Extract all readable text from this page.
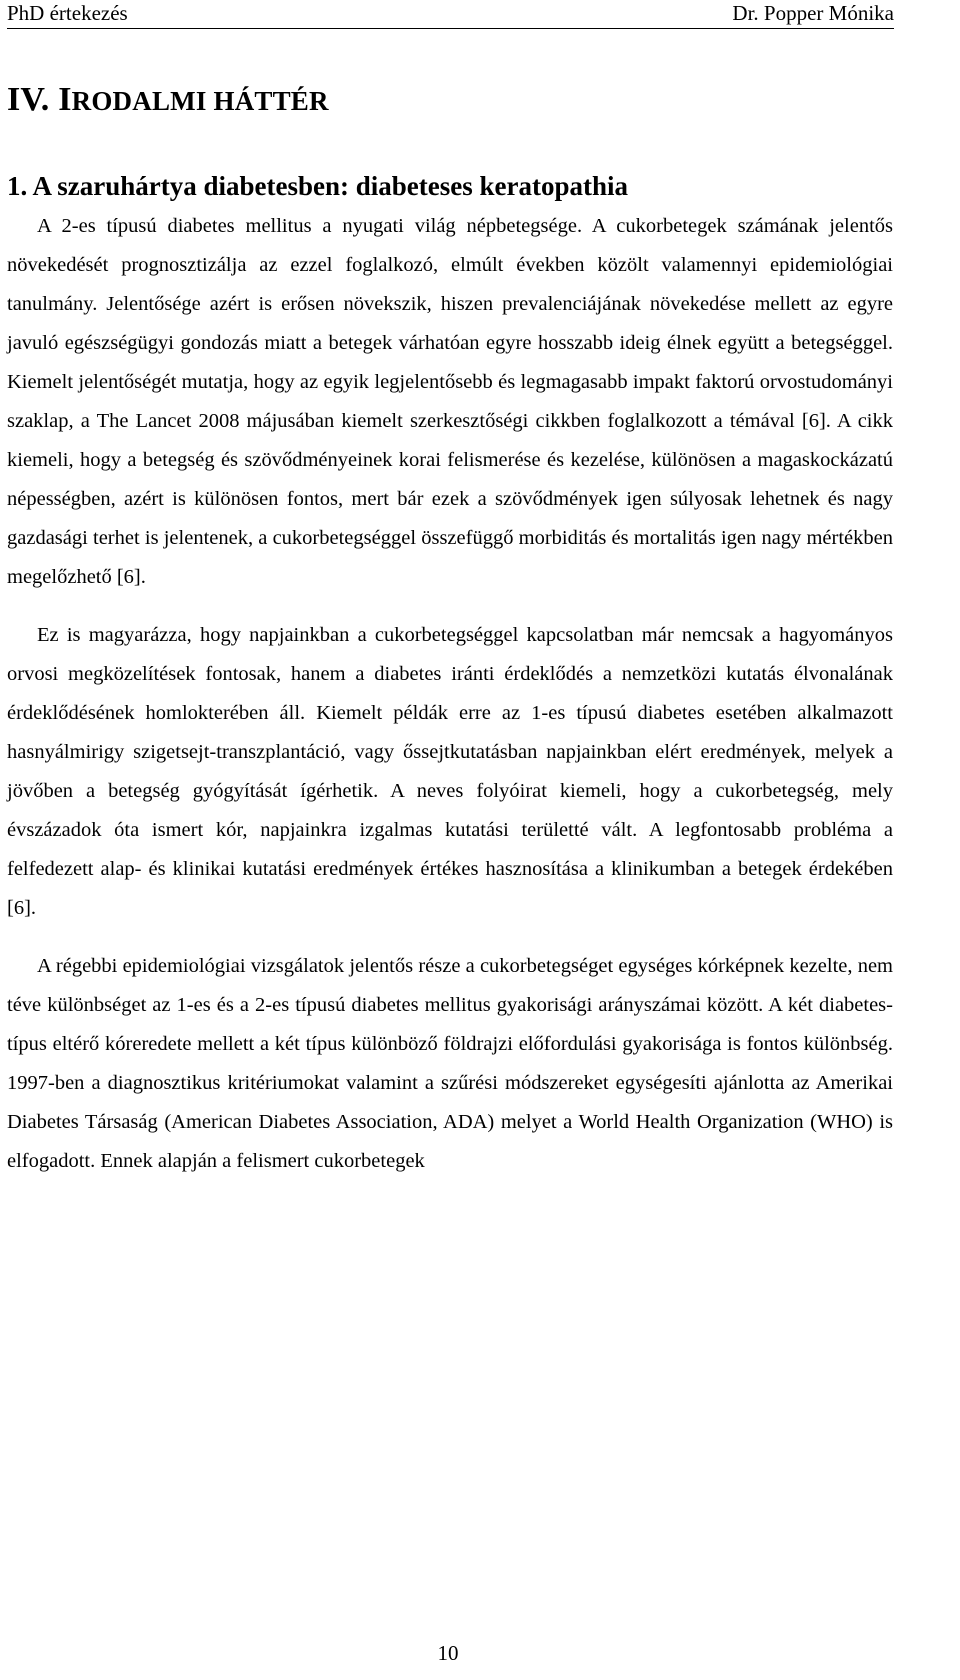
PhD értekezés	Dr. Popper Mónika
IV. IRODALMI HÁTTÉR
1. A szaruhártya diabetesben: diabeteses keratopathia

A 2-es típusú diabetes mellitus a nyugati világ népbetegsége. A cukorbetegek számának jelentős növekedését prognosztizálja az ezzel foglalkozó, elmúlt években közölt valamennyi epidemiológiai tanulmány. Jelentősége azért is erősen növekszik, hiszen prevalenciájának növekedése mellett az egyre javuló egészségügyi gondozás miatt a betegek várhatóan egyre hosszabb ideig élnek együtt a betegséggel. Kiemelt jelentőségét mutatja, hogy az egyik legjelentősebb és legmagasabb impakt faktorú orvostudományi szaklap, a The Lancet 2008 májusában kiemelt szerkesztőségi cikkben foglalkozott a témával [6]. A cikk kiemeli, hogy a betegség és szövődményeinek korai felismerése és kezelése, különösen a magaskockázatú népességben, azért is különösen fontos, mert bár ezek a szövődmények igen súlyosak lehetnek és nagy gazdasági terhet is jelentenek, a cukorbetegséggel összefüggő morbiditás és mortalitás igen nagy mértékben megelőzhető [6].

Ez is magyarázza, hogy napjainkban a cukorbetegséggel kapcsolatban már nemcsak a hagyományos orvosi megközelítések fontosak, hanem a diabetes iránti érdeklődés a nemzetközi kutatás élvonalának érdeklődésének homlokterében áll. Kiemelt példák erre az 1-es típusú diabetes esetében alkalmazott hasnyálmirigy szigetsejt-transzplantáció, vagy őssejtkutatásban napjainkban elért eredmények, melyek a jövőben a betegség gyógyítását ígérhetik. A neves folyóirat kiemeli, hogy a cukorbetegség, mely évszázadok óta ismert kór, napjainkra izgalmas kutatási területté vált. A legfontosabb probléma a felfedezett alap- és klinikai kutatási eredmények értékes hasznosítása a klinikumban a betegek érdekében [6].

A régebbi epidemiológiai vizsgálatok jelentős része a cukorbetegséget egységes kórképnek kezelte, nem téve különbséget az 1-es és a 2-es típusú diabetes mellitus gyakorisági arányszámai között. A két diabetes-típus eltérő kóreredete mellett a két típus különböző földrajzi előfordulási gyakorisága is fontos különbség. 1997-ben a diagnosztikus kritériumokat valamint a szűrési módszereket egységesíti ajánlotta az Amerikai Diabetes Társaság (American Diabetes Association, ADA) melyet a World Health Organization (WHO) is elfogadott. Ennek alapján a felismert cukorbetegek

10
